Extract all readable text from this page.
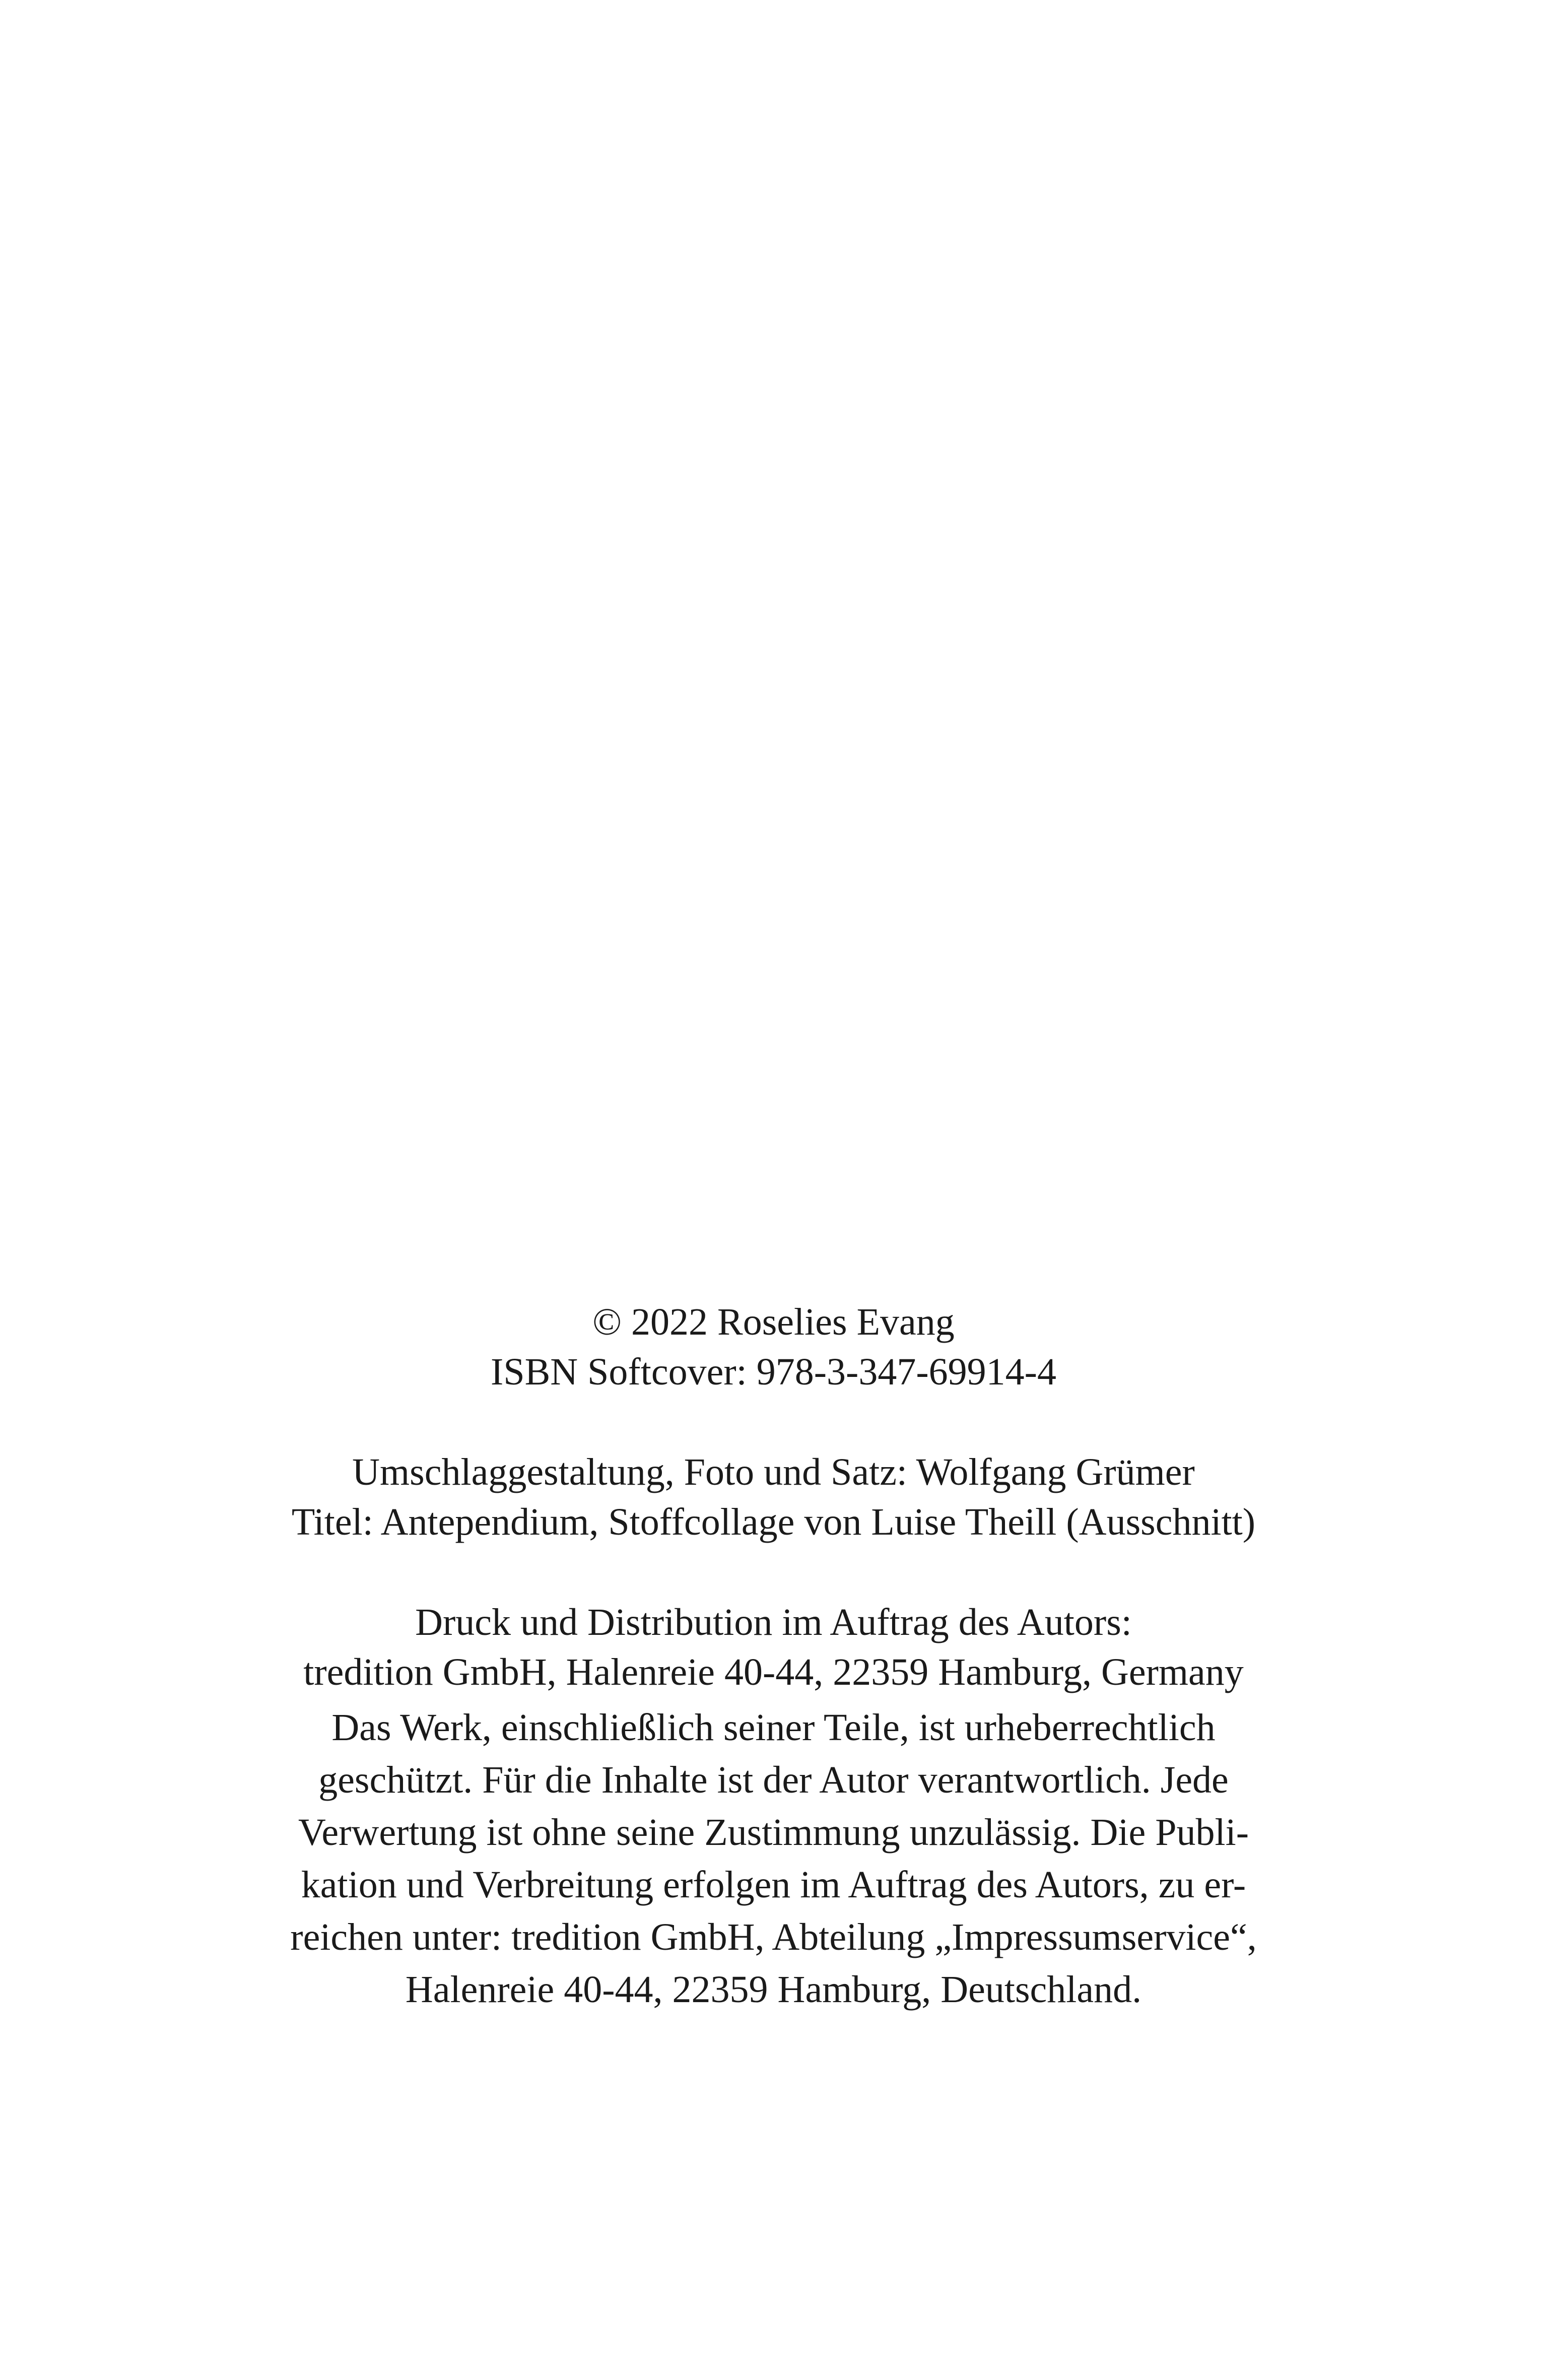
© 2022 Roselies Evang
ISBN Softcover: 978-3-347-69914-4
Umschlaggestaltung, Foto und Satz: Wolfgang Grümer
Titel: Antependium, Stoffcollage von Luise Theill (Ausschnitt)
Druck und Distribution im Auftrag des Autors:
tredition GmbH, Halenreie 40-44, 22359 Hamburg, Germany
Das Werk, einschließlich seiner Teile, ist urheberrechtlich
geschützt. Für die Inhalte ist der Autor verantwortlich. Jede
Verwertung ist ohne seine Zustimmung unzulässig. Die Publi-
kation und Verbreitung erfolgen im Auftrag des Autors, zu er-
reichen unter: tredition GmbH, Abteilung „Impressumservice“,
Halenreie 40-44, 22359 Hamburg, Deutschland.
